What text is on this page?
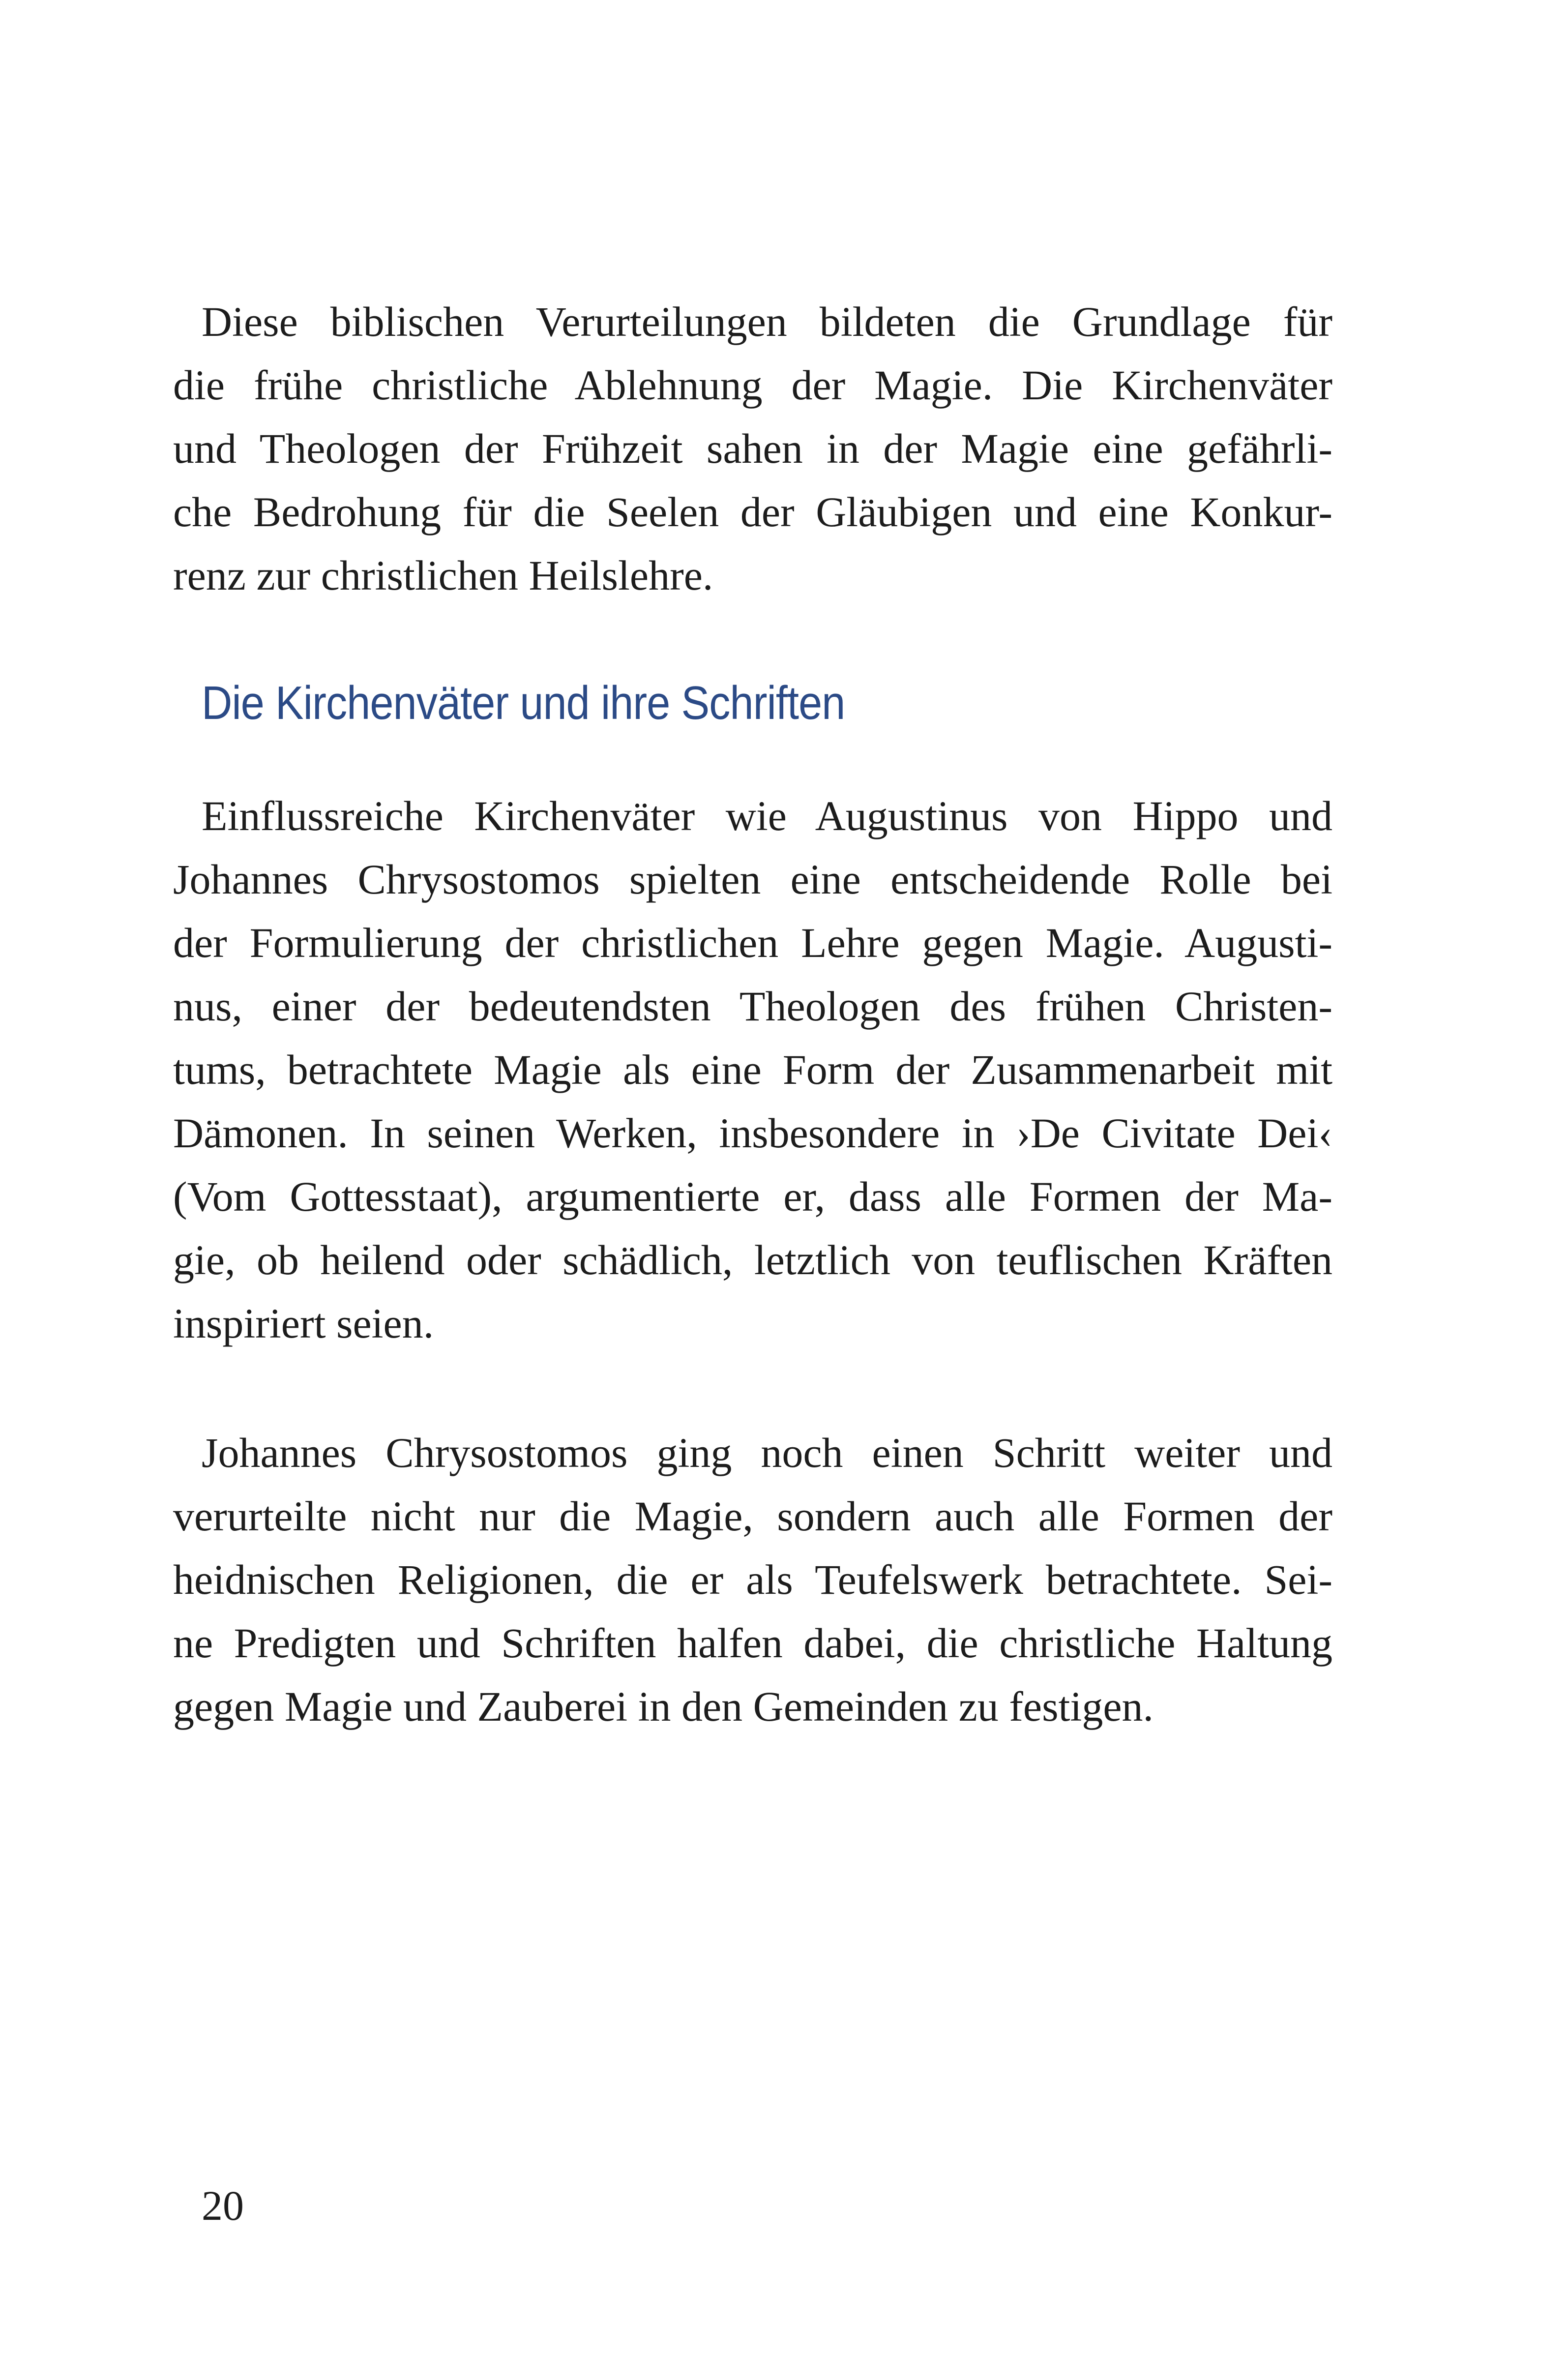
Diese biblischen Verurteilungen bildeten die Grundlage für
die frühe christliche Ablehnung der Magie. Die Kirchenväter
und Theologen der Frühzeit sahen in der Magie eine gefährli-
che Bedrohung für die Seelen der Gläubigen und eine Konkur-
renz zur christlichen Heilslehre.

Die Kirchenväter und ihre Schriften

Einflussreiche Kirchenväter wie Augustinus von Hippo und
Johannes Chrysostomos spielten eine entscheidende Rolle bei
der Formulierung der christlichen Lehre gegen Magie. Augusti-
nus, einer der bedeutendsten Theologen des frühen Christen-
tums, betrachtete Magie als eine Form der Zusammenarbeit mit
Dämonen. In seinen Werken, insbesondere in ›De Civitate Dei‹
(Vom Gottesstaat), argumentierte er, dass alle Formen der Ma-
gie, ob heilend oder schädlich, letztlich von teuflischen Kräften
inspiriert seien.

Johannes Chrysostomos ging noch einen Schritt weiter und
verurteilte nicht nur die Magie, sondern auch alle Formen der
heidnischen Religionen, die er als Teufelswerk betrachtete. Sei-
ne Predigten und Schriften halfen dabei, die christliche Haltung
gegen Magie und Zauberei in den Gemeinden zu festigen.

20
